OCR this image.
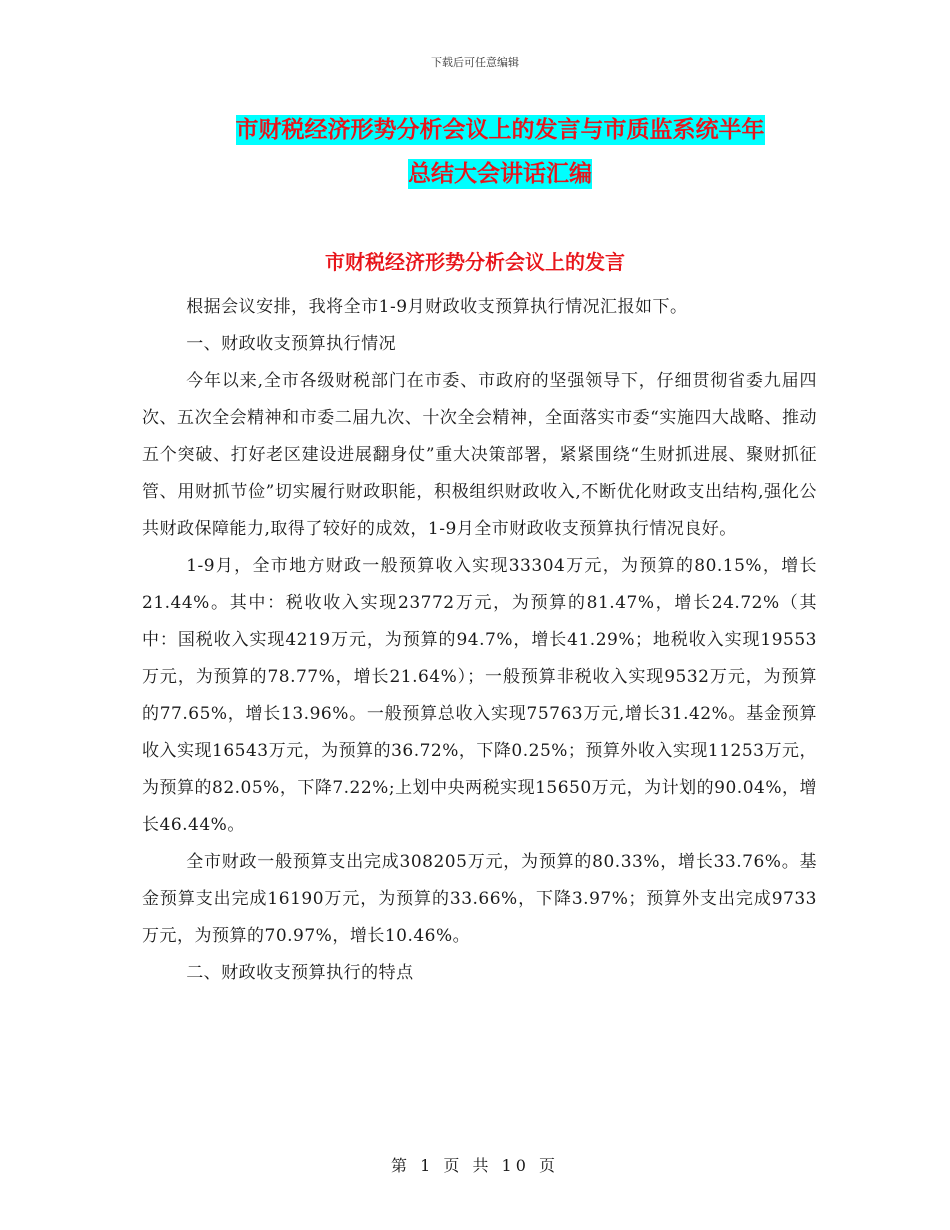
下载后可任意编辑
市财税经济形势分析会议上的发言与市质监系统半年
总结大会讲话汇编
市财税经济形势分析会议上的发言

根据会议安排，我将全市1-9月财政收支预算执行情况汇报如下。

一、财政收支预算执行情况

今年以来,全市各级财税部门在市委、市政府的坚强领导下，仔细贯彻省委九届四次、五次全会精神和市委二届九次、十次全会精神，全面落实市委“实施四大战略、推动五个突破、打好老区建设进展翻身仗”重大决策部署，紧紧围绕“生财抓进展、聚财抓征管、用财抓节俭”切实履行财政职能，积极组织财政收入,不断优化财政支出结构,强化公共财政保障能力,取得了较好的成效，1-9月全市财政收支预算执行情况良好。

1-9月，全市地方财政一般预算收入实现33304万元，为预算的80.15%，增长21.44%。其中：税收收入实现23772万元，为预算的81.47%，增长24.72%（其中：国税收入实现4219万元，为预算的94.7%，增长41.29%；地税收入实现19553万元，为预算的78.77%，增长21.64%）；一般预算非税收入实现9532万元，为预算的77.65%，增长13.96%。一般预算总收入实现75763万元,增长31.42%。基金预算收入实现16543万元，为预算的36.72%，下降0.25%；预算外收入实现11253万元，为预算的82.05%，下降7.22%;上划中央两税实现15650万元，为计划的90.04%，增长46.44%。

全市财政一般预算支出完成308205万元，为预算的80.33%，增长33.76%。基金预算支出完成16190万元，为预算的33.66%，下降3.97%；预算外支出完成9733万元，为预算的70.97%，增长10.46%。

二、财政收支预算执行的特点

第 1 页 共 10 页
